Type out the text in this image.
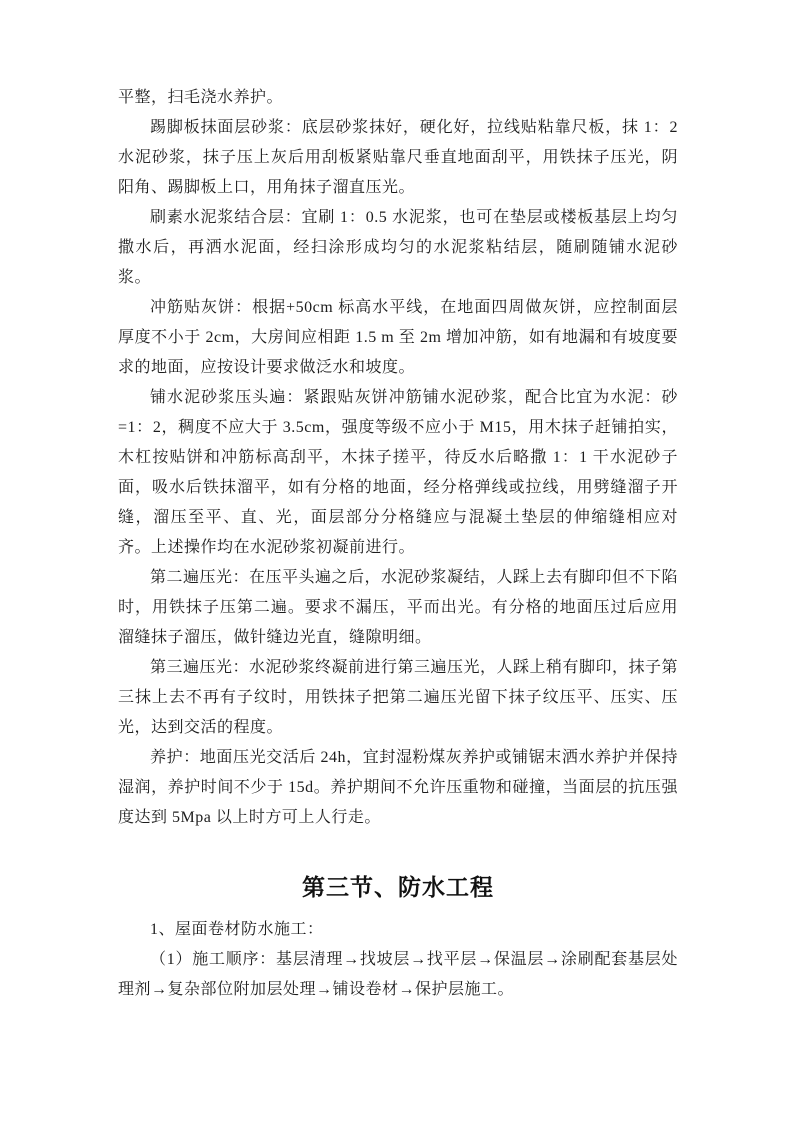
平整，扫毛浇水养护。

踢脚板抹面层砂浆：底层砂浆抹好，硬化好，拉线贴粘靠尺板，抹 1：2 水泥砂浆，抹子压上灰后用刮板紧贴靠尺垂直地面刮平，用铁抹子压光，阴阳角、踢脚板上口，用角抹子溜直压光。

刷素水泥浆结合层：宜刷 1：0.5 水泥浆，也可在垫层或楼板基层上均匀撒水后，再洒水泥面，经扫涂形成均匀的水泥浆粘结层，随刷随铺水泥砂浆。

冲筋贴灰饼：根据+50cm 标高水平线，在地面四周做灰饼，应控制面层厚度不小于 2cm，大房间应相距 1.5 m 至 2m 增加冲筋，如有地漏和有坡度要求的地面，应按设计要求做泛水和坡度。

铺水泥砂浆压头遍：紧跟贴灰饼冲筋铺水泥砂浆，配合比宜为水泥：砂=1：2，稠度不应大于 3.5cm，强度等级不应小于 M15，用木抹子赶铺拍实，木杠按贴饼和冲筋标高刮平，木抹子搓平，待反水后略撒 1：1 干水泥砂子面，吸水后铁抹溜平，如有分格的地面，经分格弹线或拉线，用劈缝溜子开缝，溜压至平、直、光，面层部分分格缝应与混凝土垫层的伸缩缝相应对齐。上述操作均在水泥砂浆初凝前进行。

第二遍压光：在压平头遍之后，水泥砂浆凝结，人踩上去有脚印但不下陷时，用铁抹子压第二遍。要求不漏压，平而出光。有分格的地面压过后应用溜缝抹子溜压，做针缝边光直，缝隙明细。

第三遍压光：水泥砂浆终凝前进行第三遍压光，人踩上稍有脚印，抹子第三抹上去不再有子纹时，用铁抹子把第二遍压光留下抹子纹压平、压实、压光，达到交活的程度。

养护：地面压光交活后 24h，宜封湿粉煤灰养护或铺锯末洒水养护并保持湿润，养护时间不少于 15d。养护期间不允许压重物和碰撞，当面层的抗压强度达到 5Mpa 以上时方可上人行走。

第三节、防水工程

1、屋面卷材防水施工：

（1）施工顺序：基层清理→找坡层→找平层→保温层→涂刷配套基层处理剂→复杂部位附加层处理→铺设卷材→保护层施工。
